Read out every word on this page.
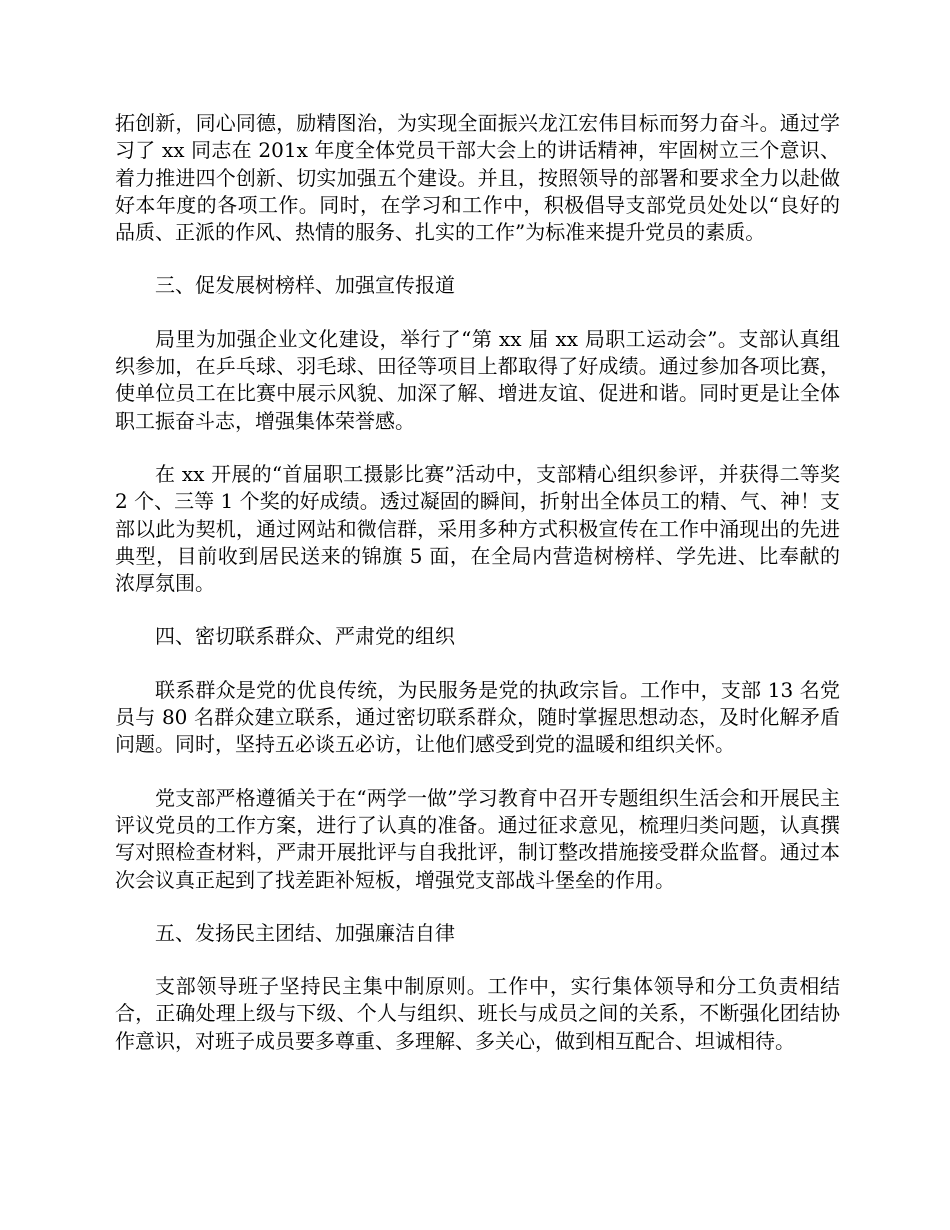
拓创新，同心同德，励精图治，为实现全面振兴龙江宏伟目标而努力奋斗。通过学习了 xx 同志在 201x 年度全体党员干部大会上的讲话精神，牢固树立三个意识、着力推进四个创新、切实加强五个建设。并且，按照领导的部署和要求全力以赴做好本年度的各项工作。同时，在学习和工作中，积极倡导支部党员处处以“良好的品质、正派的作风、热情的服务、扎实的工作”为标准来提升党员的素质。

三、促发展树榜样、加强宣传报道

局里为加强企业文化建设，举行了“第 xx 届 xx 局职工运动会”。支部认真组织参加，在乒乓球、羽毛球、田径等项目上都取得了好成绩。通过参加各项比赛，使单位员工在比赛中展示风貌、加深了解、增进友谊、促进和谐。同时更是让全体职工振奋斗志，增强集体荣誉感。

在 xx 开展的“首届职工摄影比赛”活动中，支部精心组织参评，并获得二等奖 2 个、三等 1 个奖的好成绩。透过凝固的瞬间，折射出全体员工的精、气、神！支部以此为契机，通过网站和微信群，采用多种方式积极宣传在工作中涌现出的先进典型，目前收到居民送来的锦旗 5 面，在全局内营造树榜样、学先进、比奉献的浓厚氛围。

四、密切联系群众、严肃党的组织

联系群众是党的优良传统，为民服务是党的执政宗旨。工作中，支部 13 名党员与 80 名群众建立联系，通过密切联系群众，随时掌握思想动态，及时化解矛盾问题。同时，坚持五必谈五必访，让他们感受到党的温暖和组织关怀。

党支部严格遵循关于在“两学一做”学习教育中召开专题组织生活会和开展民主评议党员的工作方案，进行了认真的准备。通过征求意见，梳理归类问题，认真撰写对照检查材料，严肃开展批评与自我批评，制订整改措施接受群众监督。通过本次会议真正起到了找差距补短板，增强党支部战斗堡垒的作用。

五、发扬民主团结、加强廉洁自律

支部领导班子坚持民主集中制原则。工作中，实行集体领导和分工负责相结合，正确处理上级与下级、个人与组织、班长与成员之间的关系，不断强化团结协作意识，对班子成员要多尊重、多理解、多关心，做到相互配合、坦诚相待。
